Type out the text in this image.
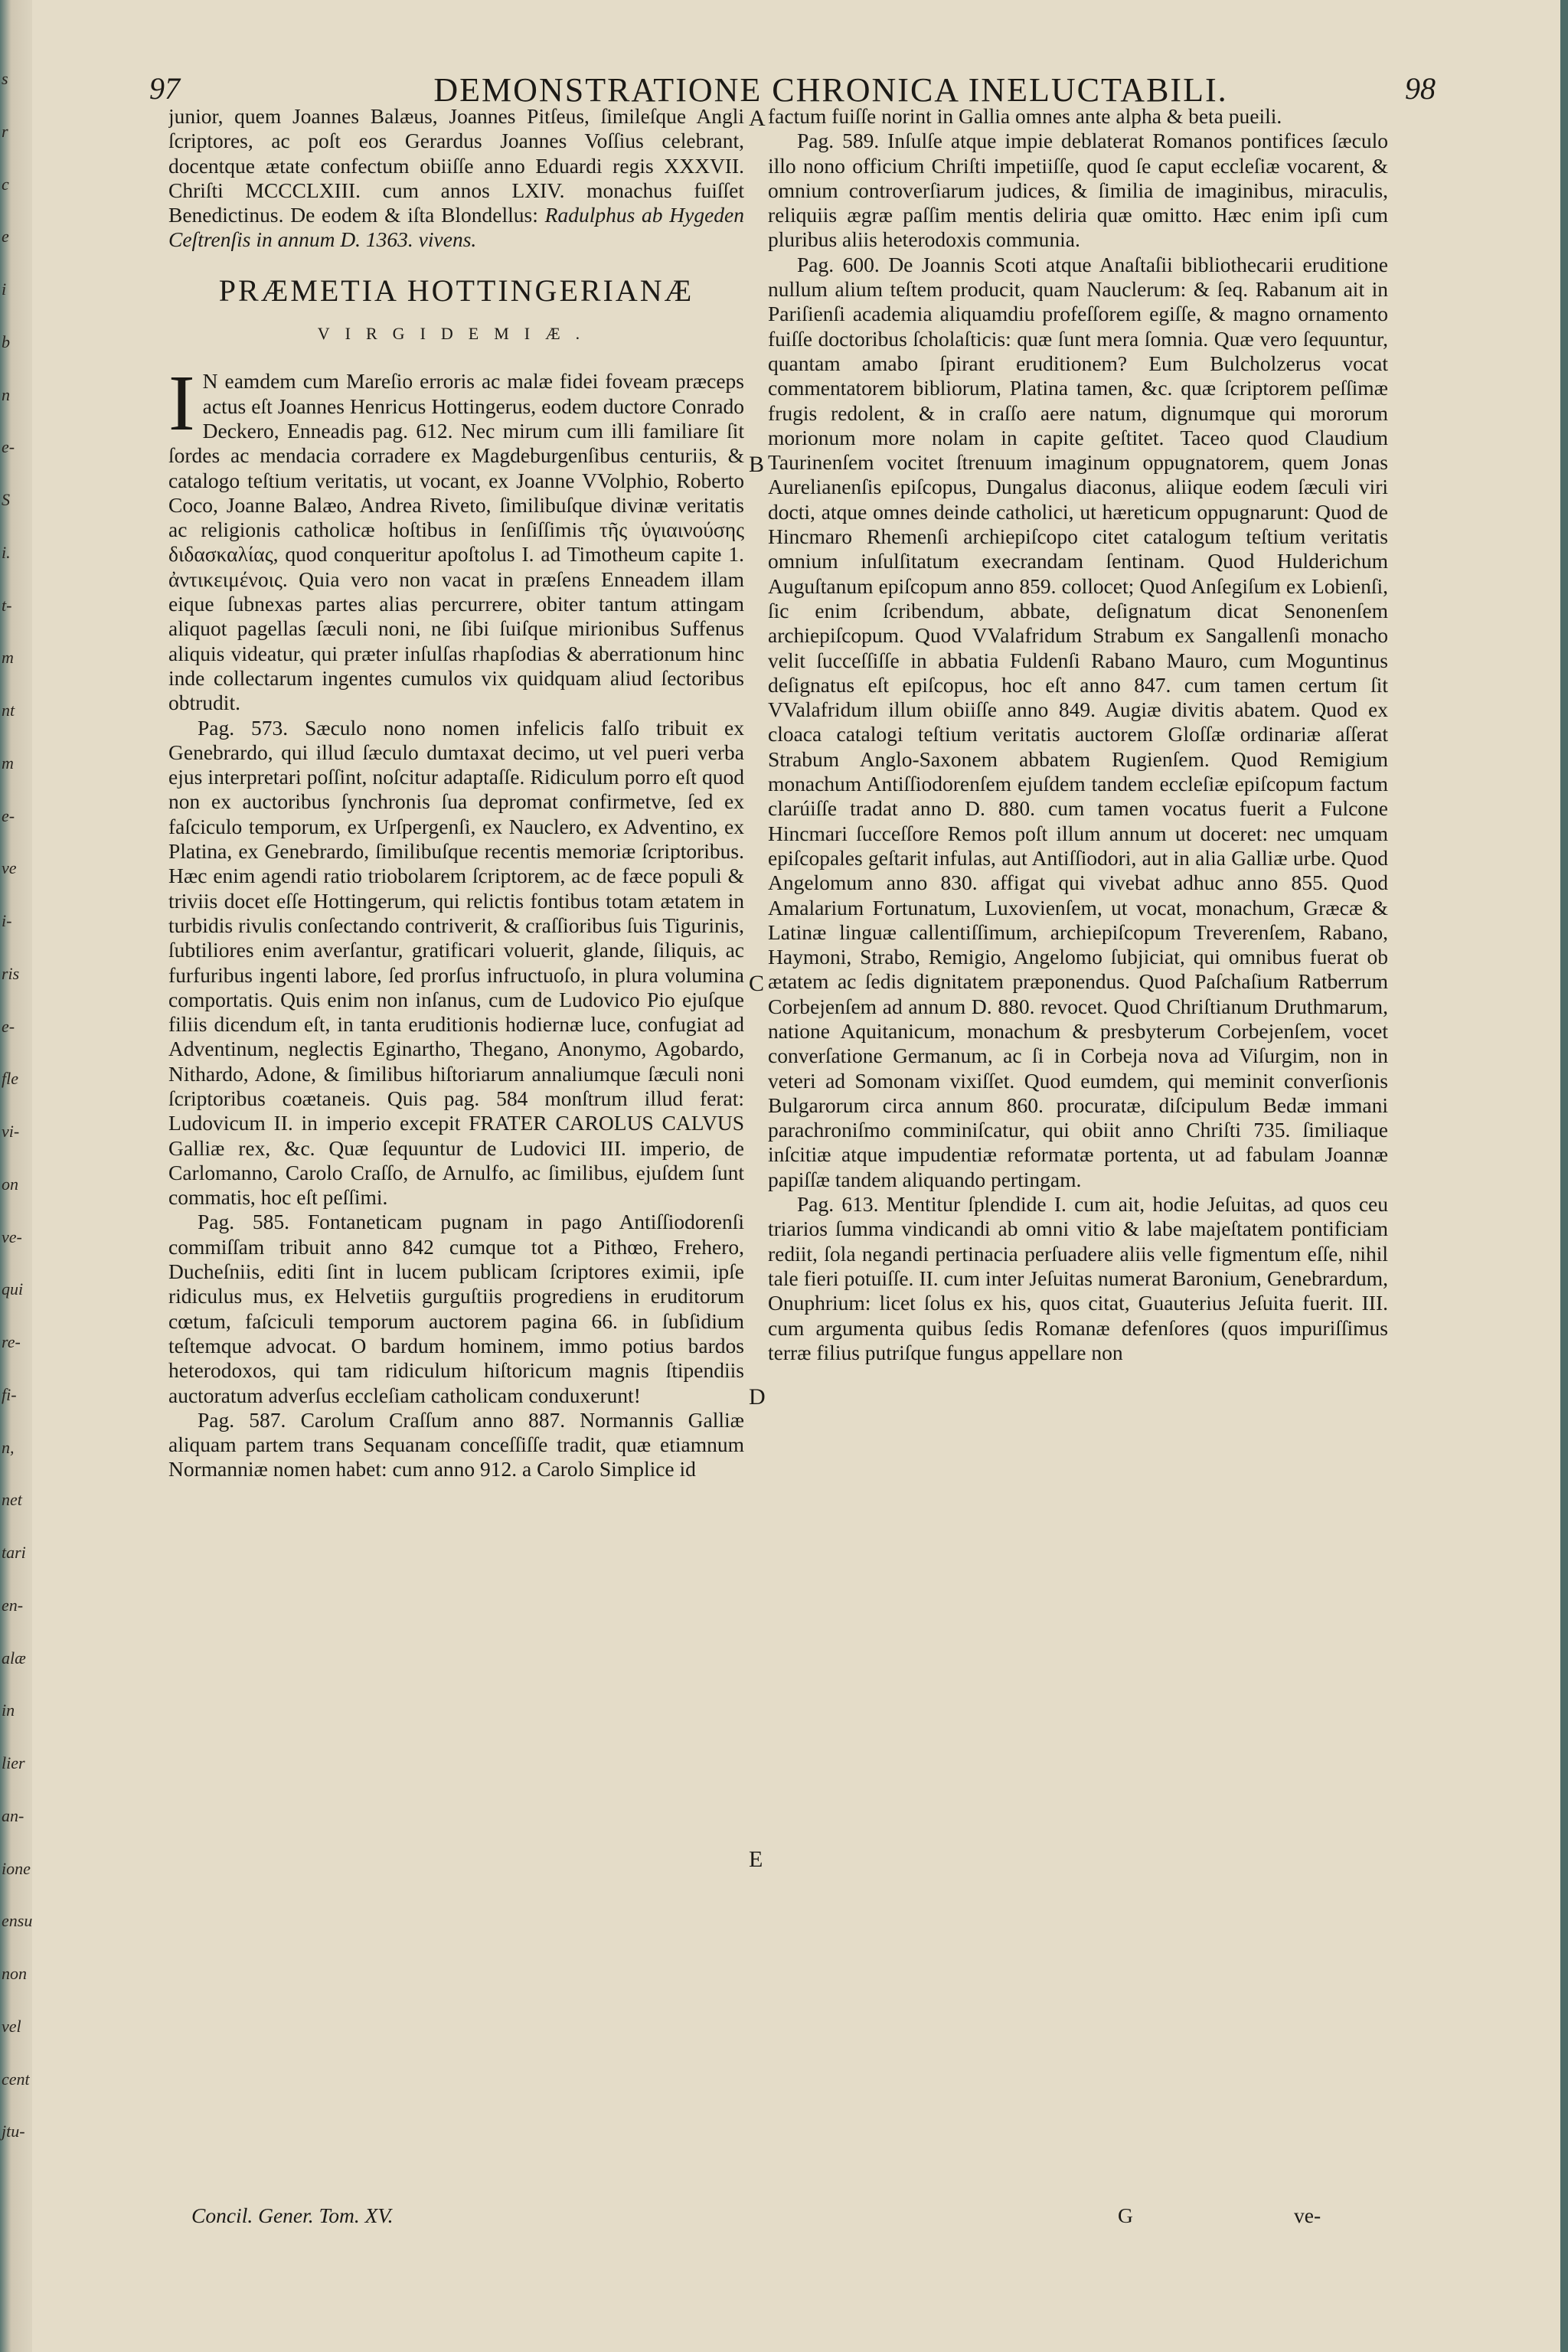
s
r
c
e
i
b
n
e-
S
i.
t-
m
nt
m
e-
ve
i-
ris
e-
fle
vi-
on
ve-
qui
re-
fi-
n,
net
tari
en-
alæ
in
lier
an-
ione
ensu
non
vel
cent
jtu-
97	DEMONSTRATIONE CHRONICA INELUCTABILI.	98

junior, quem Joannes Balæus, Joannes Pitſeus, ſimileſque Angli ſcriptores, ac poſt eos Gerardus Joannes Voſſius celebrant, docentque ætate confectum obiiſſe anno Eduardi regis XXXVII. Chriſti MCCCLXIII. cum annos LXIV. monachus fuiſſet Benedictinus. De eodem & iſta Blondellus: Radulphus ab Hygeden Ceſtrenſis in annum D. 1363. vivens.

PRÆMETIA HOTTINGERIANÆ
VIRGIDEMIÆ.

I N eamdem cum Mareſio erroris ac malæ fidei foveam præceps actus eſt Joannes Henricus Hottingerus, eodem ductore Conrado Deckero, Enneadis pag. 612. Nec mirum cum illi familiare ſit ſordes ac mendacia corradere ex Magdeburgenſibus centuriis, & catalogo teſtium veritatis, ut vocant, ex Joanne VVolphio, Roberto Coco, Joanne Balæo, Andrea Riveto, ſimilibuſque divinæ veritatis ac religionis catholicæ hoſtibus in ſenſiſſimis τῆς ὑγιαινούσης διδασκαλίας, quod conqueritur apoſtolus I. ad Timotheum capite 1. ἀντικειμένοις. Quia vero non vacat in præſens Enneadem illam eique ſubnexas partes alias percurrere, obiter tantum attingam aliquot pagellas ſæculi noni, ne ſibi ſuiſque mirionibus Suffenus aliquis videatur, qui præter inſulſas rhapſodias & aberrationum hinc inde collectarum ingentes cumulos vix quidquam aliud ſectoribus obtrudit.

Pag. 573. Sæculo nono nomen infelicis falſo tribuit ex Genebrardo, qui illud ſæculo dumtaxat decimo, ut vel pueri verba ejus interpretari poſſint, noſcitur adaptaſſe. Ridiculum porro eſt quod non ex auctoribus ſynchronis ſua depromat confirmetve, ſed ex faſciculo temporum, ex Urſpergenſi, ex Nauclero, ex Adventino, ex Platina, ex Genebrardo, ſimilibuſque recentis memoriæ ſcriptoribus. Hæc enim agendi ratio triobolarem ſcriptorem, ac de fæce populi & triviis docet eſſe Hottingerum, qui relictis fontibus totam ætatem in turbidis rivulis conſectando contriverit, & craſſioribus ſuis Tigurinis, ſubtiliores enim averſantur, gratificari voluerit, glande, ſiliquis, ac furfuribus ingenti labore, ſed prorſus infructuoſo, in plura volumina comportatis. Quis enim non inſanus, cum de Ludovico Pio ejuſque filiis dicendum eſt, in tanta eruditionis hodiernæ luce, confugiat ad Adventinum, neglectis Eginartho, Thegano, Anonymo, Agobardo, Nithardo, Adone, & ſimilibus hiſtoriarum annaliumque ſæculi noni ſcriptoribus coætaneis. Quis pag. 584 monſtrum illud ferat: Ludovicum II. in imperio excepit FRATER CAROLUS CALVUS Galliæ rex, &c. Quæ ſequuntur de Ludovici III. imperio, de Carlomanno, Carolo Craſſo, de Arnulfo, ac ſimilibus, ejuſdem ſunt commatis, hoc eſt peſſimi.

Pag. 585. Fontaneticam pugnam in pago Antiſſiodorenſi commiſſam tribuit anno 842 cumque tot a Pithœo, Frehero, Ducheſniis, editi ſint in lucem publicam ſcriptores eximii, ipſe ridiculus mus, ex Helvetiis gurguſtiis progrediens in eruditorum cœtum, faſciculi temporum auctorem pagina 66. in ſubſidium teſtemque advocat. O bardum hominem, immo potius bardos heterodoxos, qui tam ridiculum hiſtoricum magnis ſtipendiis auctoratum adverſus eccleſiam catholicam conduxerunt!

Pag. 587. Carolum Craſſum anno 887. Normannis Galliæ aliquam partem trans Sequanam conceſſiſſe tradit, quæ etiamnum Normanniæ nomen habet: cum anno 912. a Carolo Simplice id

factum fuiſſe norint in Gallia omnes ante alpha & beta pueili.

Pag. 589. Inſulſe atque impie deblaterat Romanos pontifices ſæculo illo nono officium Chriſti impetiiſſe, quod ſe caput eccleſiæ vocarent, & omnium controverſiarum judices, & ſimilia de imaginibus, miraculis, reliquiis ægræ paſſim mentis deliria quæ omitto. Hæc enim ipſi cum pluribus aliis heterodoxis communia.

Pag. 600. De Joannis Scoti atque Anaſtaſii bibliothecarii eruditione nullum alium teſtem producit, quam Nauclerum: & ſeq. Rabanum ait in Pariſienſi academia aliquamdiu profeſſorem egiſſe, & magno ornamento fuiſſe doctoribus ſcholaſticis: quæ ſunt mera ſomnia. Quæ vero ſequuntur, quantam amabo ſpirant eruditionem? Eum Bulcholzerus vocat commentatorem bibliorum, Platina tamen, &c. quæ ſcriptorem peſſimæ frugis redolent, & in craſſo aere natum, dignumque qui mororum morionum more nolam in capite geſtitet. Taceo quod Claudium Taurinenſem vocitet ſtrenuum imaginum oppugnatorem, quem Jonas Aurelianenſis epiſcopus, Dungalus diaconus, aliique eodem ſæculi viri docti, atque omnes deinde catholici, ut hæreticum oppugnarunt: Quod de Hincmaro Rhemenſi archiepiſcopo citet catalogum teſtium veritatis omnium inſulſitatum execrandam ſentinam. Quod Hulderichum Auguſtanum epiſcopum anno 859. collocet; Quod Anſegiſum ex Lobienſi, ſic enim ſcribendum, abbate, deſignatum dicat Senonenſem archiepiſcopum. Quod VValafridum Strabum ex Sangallenſi monacho velit ſucceſſiſſe in abbatia Fuldenſi Rabano Mauro, cum Moguntinus deſignatus eſt epiſcopus, hoc eſt anno 847. cum tamen certum ſit VValafridum illum obiiſſe anno 849. Augiæ divitis abatem. Quod ex cloaca catalogi teſtium veritatis auctorem Gloſſæ ordinariæ aſſerat Strabum Anglo-Saxonem abbatem Rugienſem. Quod Remigium monachum Antiſſiodorenſem ejuſdem tandem eccleſiæ epiſcopum factum clarúiſſe tradat anno D. 880. cum tamen vocatus fuerit a Fulcone Hincmari ſucceſſore Remos poſt illum annum ut doceret: nec umquam epiſcopales geſtarit infulas, aut Antiſſiodori, aut in alia Galliæ urbe. Quod Angelomum anno 830. affigat qui vivebat adhuc anno 855. Quod Amalarium Fortunatum, Luxovienſem, ut vocat, monachum, Græcæ & Latinæ linguæ callentiſſimum, archiepiſcopum Treverenſem, Rabano, Haymoni, Strabo, Remigio, Angelomo ſubjiciat, qui omnibus fuerat ob ætatem ac ſedis dignitatem præponendus. Quod Paſchaſium Ratberrum Corbejenſem ad annum D. 880. revocet. Quod Chriſtianum Druthmarum, natione Aquitanicum, monachum & presbyterum Corbejenſem, vocet converſatione Germanum, ac ſi in Corbeja nova ad Viſurgim, non in veteri ad Somonam vixiſſet. Quod eumdem, qui meminit converſionis Bulgarorum circa annum 860. procuratæ, diſcipulum Bedæ immani parachroniſmo comminiſcatur, qui obiit anno Chriſti 735. ſimiliaque inſcitiæ atque impudentiæ reformatæ portenta, ut ad fabulam Joannæ papiſſæ tandem aliquando pertingam.

Pag. 613. Mentitur ſplendide I. cum ait, hodie Jeſuitas, ad quos ceu triarios ſumma vindicandi ab omni vitio & labe majeſtatem pontificiam rediit, ſola negandi pertinacia perſuadere aliis velle figmentum eſſe, nihil tale fieri potuiſſe. II. cum inter Jeſuitas numerat Baronium, Genebrardum, Onuphrium: licet ſolus ex his, quos citat, Guauterius Jeſuita fuerit. III. cum argumenta quibus ſedis Romanæ defenſores (quos impuriſſimus terræ filius putriſque fungus appellare non

A
B
C
D
E
Concil. Gener. Tom. XV.	G	ve-
